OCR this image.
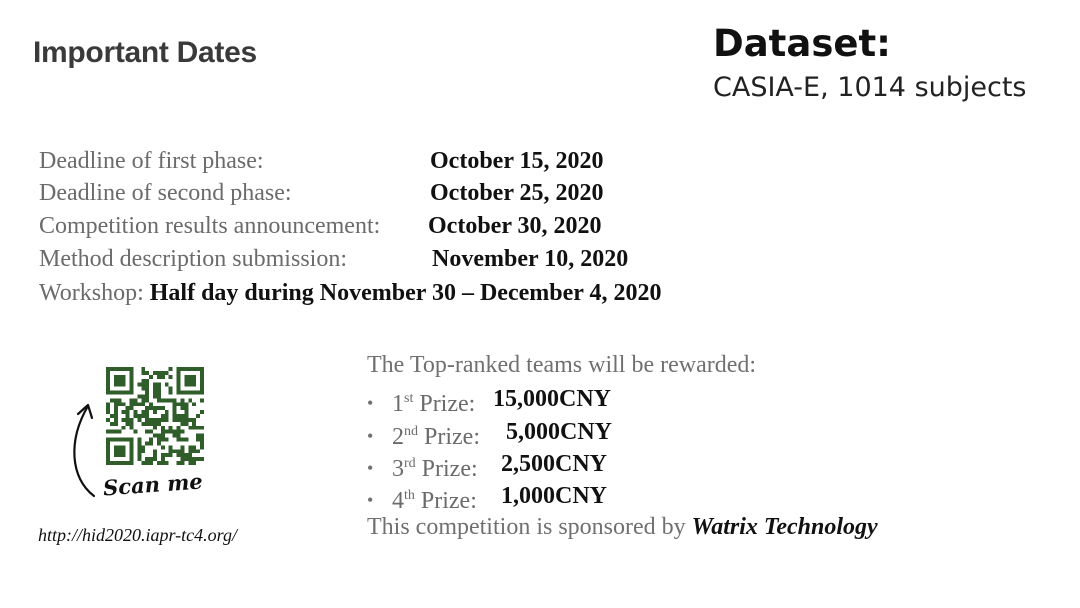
Important Dates	Dataset:
CASIA-E, 1014 subjects
Deadline of first phase:	October 15, 2020
Deadline of second phase:	October 25, 2020
Competition results announcement: October 30, 2020
Method description submission:	November 10, 2020
Workshop: Half day during November 30 – December 4, 2020
Scan me
http://hid2020.iapr-tc4.org/
The Top-ranked teams will be rewarded:
• 1st Prize: 15,000CNY
• 2nd Prize: 5,000CNY
• 3rd Prize: 2,500CNY
• 4th Prize: 1,000CNY
This competition is sponsored by Watrix Technology
